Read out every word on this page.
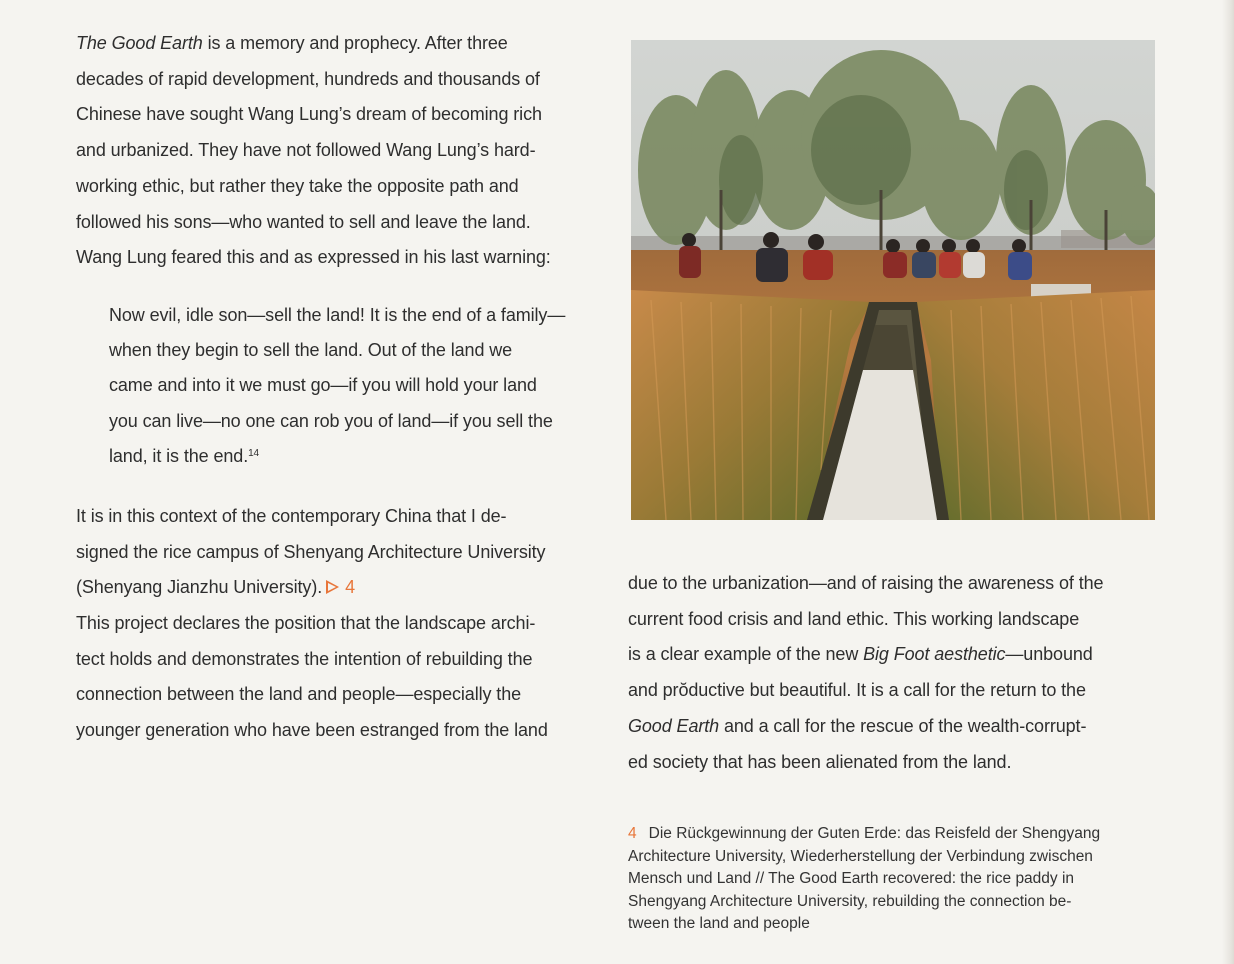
The Good Earth is a memory and prophecy. After three

decades of rapid development, hundreds and thousands of

Chinese have sought Wang Lung’s dream of becoming rich

and urbanized. They have not followed Wang Lung’s hard-

working ethic, but rather they take the opposite path and

followed his sons—who wanted to sell and leave the land.

Wang Lung feared this and as expressed in his last warning:

Now evil, idle son—sell the land! It is the end of a family—

when they begin to sell the land. Out of the land we

came and into it we must go—if you will hold your land

you can live—no one can rob you of land—if you sell the

land, it is the end.$^{14}$

It is in this context of the contemporary China that I de-

signed the rice campus of Shenyang Architecture University

(Shenyang Jianzhu University). 4

This project declares the position that the landscape archi-

tect holds and demonstrates the intention of rebuilding the

connection between the land and people—especially the

younger generation who have been estranged from the land

due to the urbanization—and of raising the awareness of the

current food crisis and land ethic. This working landscape

is a clear example of the new Big Foot aesthetic—unbound

and prŏductive but beautiful. It is a call for the return to the

Good Earth and a call for the rescue of the wealth-corrupt-

ed society that has been alienated from the land.

4 Die Rückgewinnung der Guten Erde: das Reisfeld der Shengyang
Architecture University, Wiederherstellung der Verbindung zwischen
Mensch und Land // The Good Earth recovered: the rice paddy in
Shengyang Architecture University, rebuilding the connection be-
tween the land and people
